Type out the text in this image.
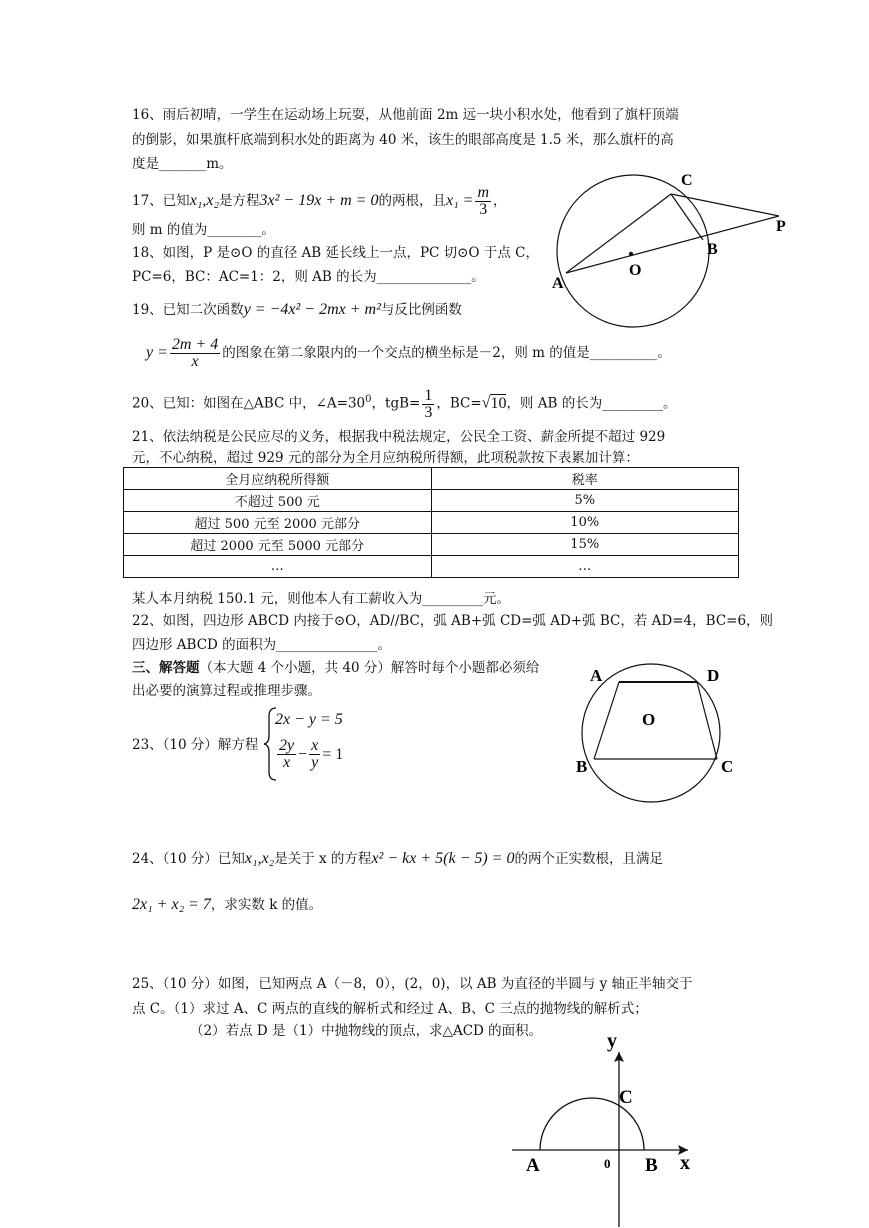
16、雨后初晴，一学生在运动场上玩耍，从他前面 2m 远一块小积水处，他看到了旗杆顶端
的倒影，如果旗杆底端到积水处的距离为 40 米，该生的眼部高度是 1.5 米，那么旗杆的高
度是_______m。
17、已知x₁,x₂是方程3x² − 19x + m = 0的两根，且$x_1 = \frac{m}{3}$ ，
则 m 的值为________。
18、如图，P 是⊙O 的直径 AB 延长线上一点，PC 切⊙O 于点 C，
PC=6，BC：AC=1：2，则 AB 的长为______________。
C
P
B
O
A
19、已知二次函数y = −4x² − 2mx + m²与反比例函数
$y = \frac{2m + 4}{x}$ 的图象在第二象限内的一个交点的横坐标是－2，则 m 的值是__________。
20、已知：如图在△ABC 中，$\angle A=30^0$，$tgB= \frac{1}{3}$ ，BC=√10，则 AB 的长为_________。
21、依法纳税是公民应尽的义务，根据我中税法规定，公民全工资、薪金所提不超过 929
元，不心纳税，超过 929 元的部分为全月应纳税所得额，此项税款按下表累加计算：
全月应纳税所得额	税率
不超过 500 元	5%
超过 500 元至 2000 元部分	10%
超过 2000 元至 5000 元部分	15%
…	…
某人本月纳税 150.1 元，则他本人有工薪收入为_________元。
22、如图，四边形 ABCD 内接于⊙O，AD//BC，弧 AB+弧 CD=弧 AD+弧 BC，若 AD=4，BC=6，则
四边形 ABCD 的面积为_______________。
三、解答题（本大题 4 个小题，共 40 分）解答时每个小题都必须给
出必要的演算过程或推理步骤。
A	D
O
B	C
23、（10 分）解方程
2x − y = 5
$\frac{2y}{x} - \frac{x}{y} = 1$
24、（10 分）已知x₁,x₂是关于 x 的方程x² − kx + 5(k − 5) = 0的两个正实数根，且满足
2x₁ + x₂ = 7，求实数 k 的值。
25、（10 分）如图，已知两点 A（－8，0），(2，0)，以 AB 为直径的半圆与 y 轴正半轴交于
点 C。（1）求过 A、C 两点的直线的解析式和经过 A、B、C 三点的抛物线的解析式；
（2）若点 D 是（1）中抛物线的顶点，求△ACD 的面积。	y
C
A	0 B x
